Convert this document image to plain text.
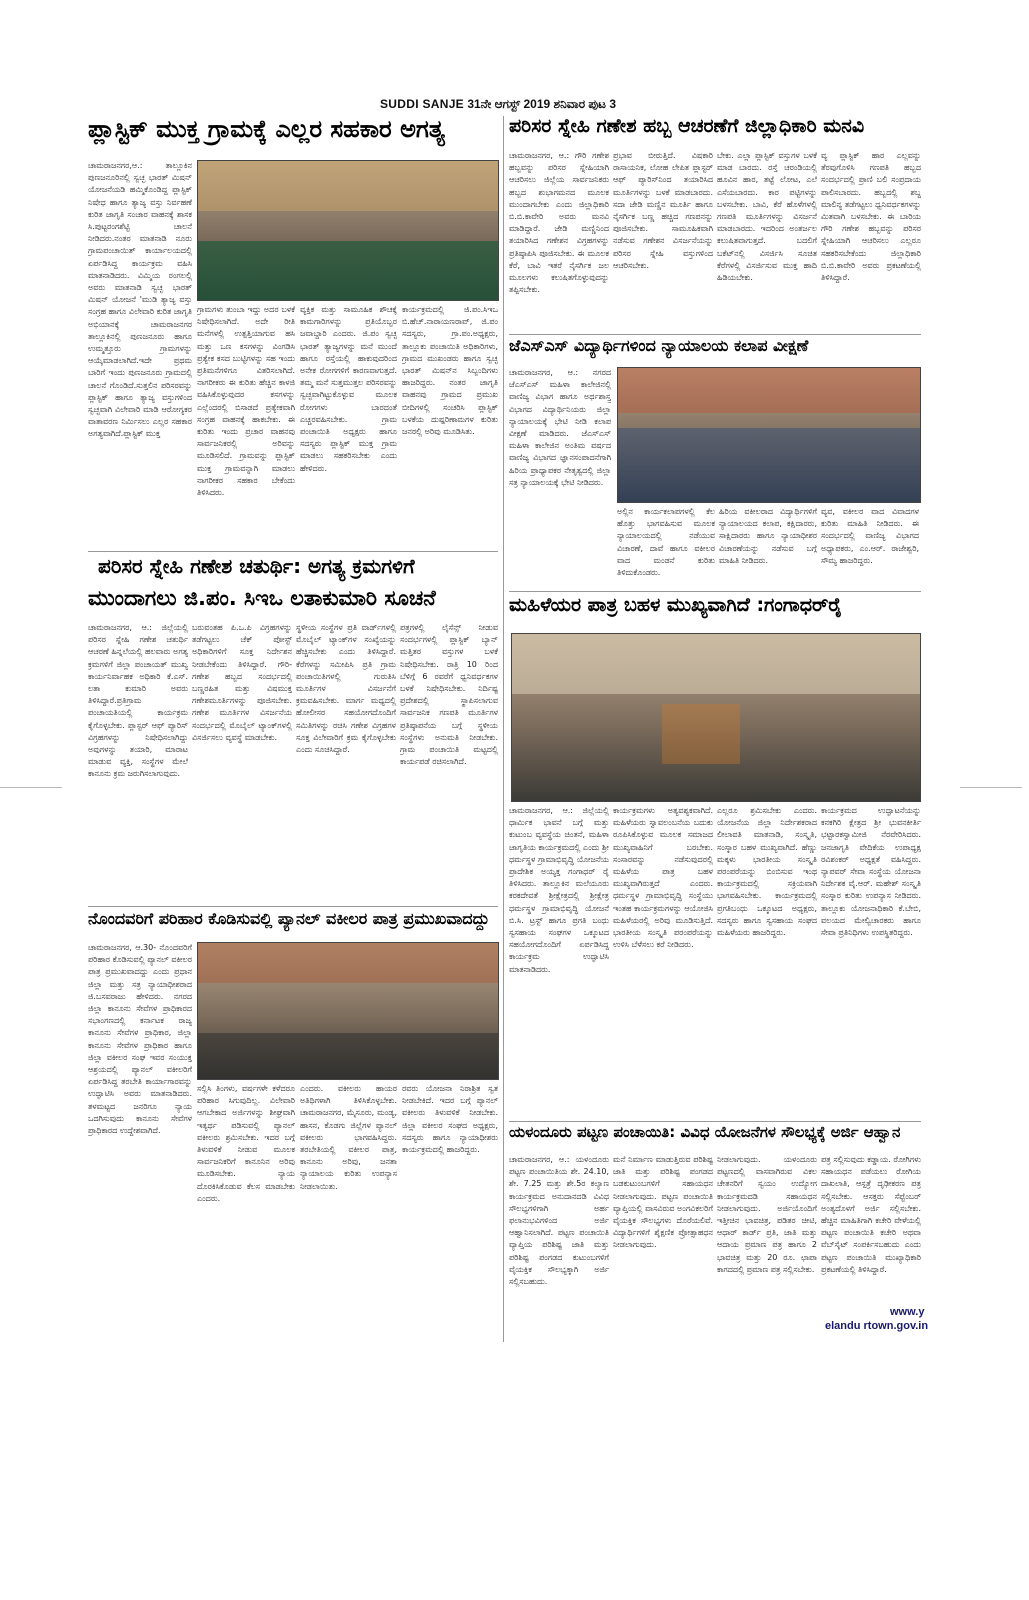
SUDDI SANJE 31ನೇ ಆಗಸ್ಟ್ 2019 ಶನಿವಾರ ಪುಟ 3
ಪ್ಲಾಸ್ಟಿಕ್ ಮುಕ್ತ ಗ್ರಾಮಕ್ಕೆ ಎಲ್ಲರ ಸಹಕಾರ ಅಗತ್ಯ
ಚಾಮರಾಜನಗರ,ಆ.: ತಾಲ್ಲೂಕಿನ ಪುಣಜನೂರಿನಲ್ಲಿ ಸ್ವಚ್ಛ ಭಾರತ್ ಮಿಷನ್‌ ಯೋಜನೆಯಡಿ ಹಮ್ಮಿಕೊಂಡಿದ್ದ ಪ್ಲಾಸ್ಟಿಕ್ ನಿಷೇಧ ಹಾಗೂ ತ್ಯಾಜ್ಯ ವಸ್ತು ನಿರ್ವಹಣೆ ಕುರಿತ ಜಾಗೃತಿ ಸಂಚಾರ ವಾಹನಕ್ಕೆ ಶಾಸಕ ಸಿ.ಪುಟ್ಟರಂಗಶೆಟ್ಟಿ ಚಾಲನೆ ನೀಡಿದರು.ನಂತರ ಮಾತನಾಡಿ ನೂರು ಗ್ರಾಮಪಂಚಾಯಿತ್ ಕಾರ್ಯಾಲಯದಲ್ಲಿ ಏರ್ಪಡಿಸಿದ್ದ ಕಾರ್ಯಕ್ರಮ ವಹಿಸಿ ಮಾತನಾಡಿದರು. ವಿಮ್ಮಿಯ ರಂಗಲಲ್ಲಿ ಅವರು ಮಾತನಾಡಿ ಸ್ವಚ್ಛ ಭಾರತ್ ಮಿಷನ್‌ ಯೋಜನೆ 'ಮುಡಿ ತ್ಯಾಜ್ಯ ವಸ್ತು ಸಂಗ್ರಹ ಹಾಗೂ ವಿಲೇವಾರಿ ಕುರಿತ ಜಾಗೃತಿ ಅಭಿಯಾನಕ್ಕೆ ಚಾಮರಾಜನಗರ ತಾಲ್ಲೂಕಿನಲ್ಲಿ ಪುಣಜನೂರು ಹಾಗೂ ಉಮ್ಮತ್ತೂರು ಗ್ರಾಮಗಳನ್ನು ಆಯ್ಕೆಮಾಡಲಾಗಿದೆ.ಇದೇ ಪ್ರಥಮ ಬಾರಿಗೆ ಇಂದು ಪುಣಜನೂರು ಗ್ರಾಮದಲ್ಲಿ ಚಾಲನೆ ಗೊಂಡಿದೆ.ಸುತ್ತಲಿನ ಪರಿಸರವನ್ನು ಪ್ಲಾಸ್ಟಿಕ್ ಹಾಗೂ ತ್ಯಾಜ್ಯ ವಸ್ತುಗಳಿಂದ ಸ್ವಚ್ಛವಾಗಿ ವಿಲೇವಾರಿ ಮಾಡಿ ಆರೋಗ್ಯಕರ ವಾತಾವರಣ ನಿರ್ಮಿಸಲು ಎಲ್ಲರ ಸಹಕಾರ ಅಗತ್ಯವಾಗಿದೆ.ಪ್ಲಾಸ್ಟಿಕ್ ಮುಕ್ತ
ಗ್ರಾಮಗಳು ತುಂಬಾ ಇದ್ದು ಅದರ ಬಳಕೆ ನಿಷೇಧಿಸಲಾಗಿದೆ. ಅದೇ ರೀತಿ ಮನೆಗಳಲ್ಲಿ ಉತ್ಪತ್ತಿಯಾಗುವ ಹಸಿ ಮತ್ತು ಒಣ ಕಸಗಳನ್ನು ವಿಂಗಡಿಸಿ ಪ್ರತ್ಯೇಕ ಕಸದ ಬುಟ್ಟಿಗಳನ್ನು ಸಹ ಇಂದು ಪ್ರತಿಮನೆಗಳಿಗೂ ವಿತರಿಸಲಾಗಿದೆ. ನಾಗರೀಕರು ಈ ಕುರಿತು ಹೆಚ್ಚಿನ ಕಾಳಜಿ ವಹಿಸಿಕೊಳ್ಳುವುದರ ಕಸಗಳನ್ನು ಎಲ್ಲೆಂದರಲ್ಲಿ ಬಿಸಾಡದೆ ಪ್ರತ್ಯೇಕವಾಗಿ ಸಂಗ್ರಹ ವಾಹನಕ್ಕೆ ಹಾಕಬೇಕು. ಈ ಕುರಿತು ಇಂದು ಪ್ರಚಾರ ವಾಹನವು ಸಾರ್ವಜನಿಕರಲ್ಲಿ ಅರಿವನ್ನು ಮೂಡಿಸಲಿದೆ. ಗ್ರಾಮವನ್ನು ಪ್ಲಾಸ್ಟಿಕ್ ಮುಕ್ತ ಗ್ರಾಮವನ್ನಾಗಿ ಮಾಡಲು ನಾಗರೀಕರ ಸಹಕಾರ ಬೇಕೆಂದು ತಿಳಿಸಿದರು.
ವ್ಯಕ್ತಿಕ ಮತ್ತು ಸಾಮೂಹಿಕ ಶೌಚಕ್ಕೆ ಕಾಮಗಾರಿಗಳನ್ನು ಪ್ರತಿಯೊಬ್ಬರ ಜವಾಬ್ದಾರಿ ಎಂದರು. ಜಿ.ಪಂ ಸ್ವಚ್ಛ ಭಾರತ್ ತ್ಯಾಜ್ಯಗಳನ್ನು ಮನೆ ಮುಂದೆ ಹಾಗೂ ರಸ್ತೆಯಲ್ಲಿ ಹಾಕುವುದರಿಂದ ಅನೇಕ ರೋಗಗಳಿಗೆ ಕಾರಣವಾಗುತ್ತದೆ. ತಮ್ಮ ಮನೆ ಸುತ್ತಮುತ್ತಲ ಪರಿಸರವನ್ನು ಸ್ವಚ್ಛವಾಗಿಟ್ಟುಕೊಳ್ಳುವ ಮೂಲಕ ರೋಗಗಳು ಬಾರದಂತೆ ಎಚ್ಚರವಹಿಸಬೇಕು. ಗ್ರಾಮ ಪಂಚಾಯಿತಿ ಅಧ್ಯಕ್ಷರು ಹಾಗೂ ಸದಸ್ಯರು ಪ್ಲಾಸ್ಟಿಕ್ ಮುಕ್ತ ಗ್ರಾಮ ಮಾಡಲು ಸಹಕರಿಸಬೇಕು ಎಂದು ಹೇಳಿದರು.
ಕಾರ್ಯಕ್ರಮದಲ್ಲಿ ಜಿ.ಪಂ.ಸಿಇಒ ಬಿ.ಹೆಚ್.ನಾರಾಯಣರಾವ್, ಜಿ.ಪಂ ಸದಸ್ಯರು, ಗ್ರಾ.ಪಂ.ಅಧ್ಯಕ್ಷರು, ತಾಲ್ಲೂಕು ಪಂಚಾಯಿತಿ ಅಧಿಕಾರಿಗಳು, ಗ್ರಾಮದ ಮುಖಂಡರು ಹಾಗೂ ಸ್ವಚ್ಛ ಭಾರತ್ ಮಿಷನ್‌ನ ಸಿಬ್ಬಂದಿಗಳು ಹಾಜರಿದ್ದರು. ನಂತರ ಜಾಗೃತಿ ವಾಹನವು ಗ್ರಾಮದ ಪ್ರಮುಖ ಬೀದಿಗಳಲ್ಲಿ ಸಂಚರಿಸಿ ಪ್ಲಾಸ್ಟಿಕ್ ಬಳಕೆಯ ದುಷ್ಪರಿಣಾಮಗಳ ಕುರಿತು ಜನರಲ್ಲಿ ಅರಿವು ಮೂಡಿಸಿತು.
ಪರಿಸರ ಸ್ನೇಹಿ ಗಣೇಶ ಚತುರ್ಥಿ: ಅಗತ್ಯ ಕ್ರಮಗಳಿಗೆ
ಮುಂದಾಗಲು ಜಿ.ಪಂ. ಸಿಇಒ ಲತಾಕುಮಾರಿ ಸೂಚನೆ
ಚಾಮರಾಜನಗರ, ಆ.: ಜಿಲ್ಲೆಯಲ್ಲಿ ಪರಿಸರ ಸ್ನೇಹಿ ಗಣೇಶ ಚತುರ್ಥಿ ಆಚರಣೆ ಹಿನ್ನಲೆಯಲ್ಲಿ ಹಲವಾರು ಅಗತ್ಯ ಕ್ರಮಗಳಿಗೆ ಜಿಲ್ಲಾ ಪಂಚಾಯತ್ ಮುಖ್ಯ ಕಾರ್ಯನಿರ್ವಾಹಕ ಅಧಿಕಾರಿ ಕೆ.ಎಸ್. ಲತಾ ಕುಮಾರಿ ಅವರು ತಿಳಿಸಿದ್ದಾರೆ.ಪ್ರತಿಗ್ರಾಮ ಪಂಚಾಯತಿಯಲ್ಲಿ ಕಾರ್ಯಕ್ರಮ ಕೈಗೊಳ್ಳಬೇಕು. ಪ್ಲಾಸ್ಟರ್ ಆಫ್ ಪ್ಯಾರಿಸ್ ವಿಗ್ರಹಗಳನ್ನು ನಿಷೇಧಿಸಲಾಗಿದ್ದು ಅವುಗಳನ್ನು ತಯಾರಿ, ಮಾರಾಟ ಮಾಡುವ ವ್ಯಕ್ತಿ, ಸಂಸ್ಥೆಗಳ ಮೇಲೆ ಕಾನೂನು ಕ್ರಮ ಜರುಗಿಸಲಾಗುವುದು.
ಬರುವಂತಹ ಪಿ.ಒ.ಪಿ ವಿಗ್ರಹಗಳನ್ನು ತಡೆಗಟ್ಟಲು ಚೆಕ್‌ ಪೋಸ್ಟ್ ಅಧಿಕಾರಿಗಳಿಗೆ ಸೂಕ್ತ ನಿರ್ದೇಶನ ನೀಡಬೇಕೆಂದು ತಿಳಿಸಿದ್ದಾರೆ. ಗೌರಿ-ಗಣೇಶ ಹಬ್ಬದ ಸಂದರ್ಭದಲ್ಲಿ ಬಣ್ಣರಹಿತ ಮತ್ತು ವಿಷಮುಕ್ತ ಗಣೇಶಮೂರ್ತಿಗಳನ್ನು ಪೂಜಿಸಬೇಕು. ಗಣೇಶ ಮೂರ್ತಿಗಳ ವಿಸರ್ಜನೆಯ ಸಂದರ್ಭದಲ್ಲಿ ಮೊಬೈಲ್ ಟ್ಯಾಂಕ್‌ಗಳಲ್ಲಿ ವಿಸರ್ಜಿಸಲು ವ್ಯವಸ್ಥೆ ಮಾಡಬೇಕು.
ಸ್ಥಳೀಯ ಸಂಸ್ಥೆಗಳ ಪ್ರತಿ ವಾರ್ಡ್‌ಗಳಲ್ಲಿ ಮೊಬೈಲ್ ಟ್ಯಾಂಕ್‌ಗಳ ಸಂಖ್ಯೆಯನ್ನು ಹೆಚ್ಚಿಸಬೇಕು ಎಂದು ತಿಳಿಸಿದ್ದಾರೆ. ಕೆರೆಗಳನ್ನು ಸಮೀಪಿಸಿ ಪ್ರತಿ ಗ್ರಾಮ ಪಂಚಾಯಿತಿಗಳಲ್ಲಿ ಗುರುತಿಸಿ ಮೂರ್ತಿಗಳ ವಿಸರ್ಜನೆಗೆ ಕ್ರಮವಹಿಸಬೇಕು. ಮಾರ್ಗ ಮಧ್ಯದಲ್ಲಿ ಹೋಲೀಸರ ಸಹಯೋಗದೊಂದಿಗೆ ಸಮಿತಿಗಳನ್ನು ರಚಿಸಿ ಗಣೇಶ ವಿಗ್ರಹಗಳ ಸೂಕ್ತ ವಿಲೇವಾರಿಗೆ ಕ್ರಮ ಕೈಗೊಳ್ಳಬೇಕು ಎಂದು ಸೂಚಿಸಿದ್ದಾರೆ.
ಪತ್ರಗಳಲ್ಲಿ ಲೈಸೆನ್ಸ್ ನೀಡುವ ಸಂದರ್ಭಗಳಲ್ಲಿ ಪ್ಲಾಸ್ಟಿಕ್ ಬ್ಯಾನ್ ಮತ್ತಿತರ ವಸ್ತುಗಳ ಬಳಕೆ ನಿಷೇಧಿಸಬೇಕು. ರಾತ್ರಿ 10 ರಿಂದ ಬೆಳಿಗ್ಗೆ 6 ರವರೆಗೆ ಧ್ವನಿವರ್ಧಕಗಳ ಬಳಕೆ ನಿಷೇಧಿಸಬೇಕು. ನಿರ್ದಿಷ್ಟ ಪ್ರದೇಶದಲ್ಲಿ ಸ್ಥಾಪಿಸಲಾಗುವ ಸಾರ್ವಜನಿಕ ಗಣಪತಿ ಮೂರ್ತಿಗಳ ಪ್ರತಿಷ್ಠಾಪನೆಯ ಬಗ್ಗೆ ಸ್ಥಳೀಯ ಸಂಸ್ಥೆಗಳು ಅನುಮತಿ ನೀಡಬೇಕು. ಗ್ರಾಮ ಪಂಚಾಯಿತಿ ಮಟ್ಟದಲ್ಲಿ ಕಾರ್ಯಪಡೆ ರಚಿಸಲಾಗಿದೆ.
ನೊಂದವರಿಗೆ ಪರಿಹಾರ ಕೊಡಿಸುವಲ್ಲಿ ಪ್ಯಾನಲ್ ವಕೀಲರ ಪಾತ್ರ ಪ್ರಮುಖವಾದದ್ದು
ಚಾಮರಾಜನಗರ, ಆ.30- ನೊಂದವರಿಗೆ ಪರಿಹಾರ ಕೊಡಿಸುವಲ್ಲಿ ಪ್ಯಾನಲ್ ವಕೀಲರ ಪಾತ್ರ ಪ್ರಮುಖವಾದದ್ದು ಎಂದು ಪ್ರಧಾನ ಜಿಲ್ಲಾ ಮತ್ತು ಸತ್ರ ನ್ಯಾಯಾಧೀಶರಾದ ಜಿ.ಬಸವರಾಜು ಹೇಳಿದರು. ನಗರದ ಜಿಲ್ಲಾ ಕಾನೂನು ಸೇವೆಗಳ ಪ್ರಾಧಿಕಾರದ ಸಭಾಂಗಣದಲ್ಲಿ ಕರ್ನಾಟಕ ರಾಜ್ಯ ಕಾನೂನು ಸೇವೆಗಳ ಪ್ರಾಧಿಕಾರ, ಜಿಲ್ಲಾ ಕಾನೂನು ಸೇವೆಗಳ ಪ್ರಾಧಿಕಾರ ಹಾಗೂ ಜಿಲ್ಲಾ ವಕೀಲರ ಸಂಘ ಇವರ ಸಂಯುಕ್ತ ಆಶ್ರಯದಲ್ಲಿ ಪ್ಯಾನಲ್ ವಕೀಲರಿಗೆ ಏರ್ಪಡಿಸಿದ್ದ ತರಬೇತಿ ಕಾರ್ಯಾಗಾರವನ್ನು ಉದ್ಘಾಟಿಸಿ ಅವರು ಮಾತನಾಡಿದರು. ತಳಮಟ್ಟದ ಜನರಿಗೂ ನ್ಯಾಯ ಒದಗಿಸುವುದು ಕಾನೂನು ಸೇವೆಗಳ ಪ್ರಾಧಿಕಾರದ ಉದ್ದೇಶವಾಗಿದೆ.
ಸಲ್ಲಿಸಿ ತಿಂಗಳು, ವರ್ಷಗಳೇ ಕಳೆದರೂ ಪರಿಹಾರ ಸಿಗುವುದಿಲ್ಲ. ವಿಲೇವಾರಿ ಆಗಬೇಕಾದ ಅರ್ಜಿಗಳನ್ನು ಶೀಘ್ರವಾಗಿ ಇತ್ಯರ್ಥ ಪಡಿಸುವಲ್ಲಿ ಪ್ಯಾನಲ್ ವಕೀಲರು ಶ್ರಮಿಸಬೇಕು. ಇದರ ಬಗ್ಗೆ ತಿಳುವಳಿಕೆ ನೀಡುವ ಮೂಲಕ ಸಾರ್ವಜನಿಕರಿಗೆ ಕಾನೂನಿನ ಅರಿವು ಮೂಡಿಸಬೇಕು. ನ್ಯಾಯ ದೊರಕಿಸಿಕೊಡುವ ಕೆಲಸ ಮಾಡಬೇಕು ಎಂದರು.
ಎಂದರು. ವಕೀಲರು ಹಾಯರ ಅತಿಥಿಗಳಾಗಿ ತಿಳಿಸಿಕೊಳ್ಳಬೇಕು. ಚಾಮರಾಜನಗರ, ಮೈಸೂರು, ಮಂಡ್ಯ, ಹಾಸನ, ಕೊಡಗು ಜಿಲ್ಲೆಗಳ ಪ್ಯಾನಲ್ ವಕೀಲರು ಭಾಗವಹಿಸಿದ್ದರು. ತರಬೇತಿಯಲ್ಲಿ ವಕೀಲರ ಪಾತ್ರ, ಕಾನೂನು ಅರಿವು, ಜನತಾ ನ್ಯಾಯಾಲಯ ಕುರಿತು ಉಪನ್ಯಾಸ ನೀಡಲಾಯಿತು.
ರವರು ಯೋಜನಾ ನಿರಾಶ್ರಿತ ಸ್ವತ ನೀಡಬೇಕಿದೆ. ಇದರ ಬಗ್ಗೆ ಪ್ಯಾನಲ್ ವಕೀಲರು ತಿಳುವಳಿಕೆ ನೀಡಬೇಕು. ಜಿಲ್ಲಾ ವಕೀಲರ ಸಂಘದ ಅಧ್ಯಕ್ಷರು, ಸದಸ್ಯರು ಹಾಗೂ ನ್ಯಾಯಾಧೀಶರು ಕಾರ್ಯಕ್ರಮದಲ್ಲಿ ಹಾಜರಿದ್ದರು.
ಪರಿಸರ ಸ್ನೇಹಿ ಗಣೇಶ ಹಬ್ಬ ಆಚರಣೆಗೆ ಜಿಲ್ಲಾಧಿಕಾರಿ ಮನವಿ
ಚಾಮರಾಜನಗರ, ಆ.: ಗೌರಿ ಗಣೇಶ ಹಬ್ಬವನ್ನು ಪರಿಸರ ಸ್ನೇಹಿಯಾಗಿ ಆಚರಿಸಲು ಜಿಲ್ಲೆಯ ಸಾರ್ವಜನಿಕರು ಹಬ್ಬದ ಶುಭಾಗಮನದ ಮೂಲಕ ಮುಂದಾಗಬೇಕು ಎಂದು ಜಿಲ್ಲಾಧಿಕಾರಿ ಬಿ.ಬಿ.ಕಾವೇರಿ ಅವರು ಮನವಿ ಮಾಡಿದ್ದಾರೆ. ಜೇಡಿ ಮಣ್ಣಿನಿಂದ ತಯಾರಿಸಿದ ಗಣೇಶನ ವಿಗ್ರಹಗಳನ್ನು ಪ್ರತಿಷ್ಠಾಪಿಸಿ ಪೂಜಿಸಬೇಕು. ಈ ಮೂಲಕ ಕೆರೆ, ಬಾವಿ ಇತರೆ ನೈಸರ್ಗಿಕ ಜಲ ಮೂಲಗಳು ಕಲುಷಿತಗೊಳ್ಳುವುದನ್ನು ತಪ್ಪಿಸಬೇಕು.
ಪ್ರಭಾವ ಬೀರುತ್ತಿದೆ. ವಿಷಕಾರಿ ರಾಸಾಯನಿಕ, ಲೋಹ ಲೇಪಿತ ಪ್ಲಾಸ್ಟರ್ ಆಫ್ ಪ್ಯಾರಿಸ್‌ನಿಂದ ತಯಾರಿಸಿದ ಮೂರ್ತಿಗಳನ್ನು ಬಳಕೆ ಮಾಡಬಾರದು. ಸದಾ ಜೇಡಿ ಮಣ್ಣಿನ ಮೂರ್ತಿ ಹಾಗೂ ನೈಸರ್ಗಿಕ ಬಣ್ಣ ಹಚ್ಚಿದ ಗಣಪನನ್ನು ಪೂಜಿಸಬೇಕು. ಸಾಮೂಹಿಕವಾಗಿ ನಡೆಸುವ ಗಣೇಶನ ವಿಸರ್ಜನೆಯನ್ನು ಪರಿಸರ ಸ್ನೇಹಿ ವಸ್ತುಗಳಿಂದ ಆಚರಿಸಬೇಕು.
ಬೇಕು. ಎಲ್ಲಾ ಪ್ಲಾಸ್ಟಿಕ್ ವಸ್ತುಗಳ ಬಳಕೆ ಮಾಡ ಬಾರದು. ರಸ್ತೆ ಚರಂಡಿಯಲ್ಲಿ ಹೂವಿನ ಹಾರ, ತಟ್ಟೆ ಲೋಟ, ಎಲೆ ಎಸೆಯಬಾರದು. ಕಾರ ಪಟ್ಟಿಗಳನ್ನು ಬಳಸಬೇಕು. ಬಾವಿ, ಕೆರೆ ಹೊಳೆಗಳಲ್ಲಿ ಗಣಪತಿ ಮೂರ್ತಿಗಳನ್ನು ವಿಸರ್ಜನೆ ಮಾಡಬಾರದು. ಇದರಿಂದ ಅಂತರ್ಜಲ ಕಲುಷಿತವಾಗುತ್ತದೆ. ಬದಲಿಗೆ ಬಕೆಟ್‌ನಲ್ಲಿ ವಿಸರ್ಜಿಸಿ ಸೂಚಿತ ಕೆರೆಗಳಲ್ಲಿ ವಿಸರ್ಜಿಸುವ ಮುಕ್ತ ಹಾದಿ ಹಿಡಿಯಬೇಕು.
ವ್ಯ ಪ್ಲಾಸ್ಟಿಕ್ ಹಾರ ಎಲ್ಲವನ್ನು ತೆರವುಗೊಳಿಸಿ ಗಣಪತಿ ಹಬ್ಬದ ಸಂದರ್ಭದಲ್ಲಿ ಪ್ರಾಣಿ ಬಲಿ ಸಂಪ್ರದಾಯ ಪಾಲಿಸಬಾರದು. ಹಬ್ಬದಲ್ಲಿ ಶಬ್ದ ಮಾಲಿನ್ಯ ತಡೆಗಟ್ಟಲು ಧ್ವನಿವರ್ಧಕಗಳನ್ನು ಮಿತವಾಗಿ ಬಳಸಬೇಕು. ಈ ಬಾರಿಯ ಗೌರಿ ಗಣೇಶ ಹಬ್ಬವನ್ನು ಪರಿಸರ ಸ್ನೇಹಿಯಾಗಿ ಆಚರಿಸಲು ಎಲ್ಲರೂ ಸಹಕರಿಸಬೇಕೆಂದು ಜಿಲ್ಲಾಧಿಕಾರಿ ಬಿ.ಬಿ.ಕಾವೇರಿ ಅವರು ಪ್ರಕಟಣೆಯಲ್ಲಿ ತಿಳಿಸಿದ್ದಾರೆ.
ಜೆಎಸ್‌ಎಸ್ ವಿದ್ಯಾರ್ಥಿಗಳಿಂದ ನ್ಯಾಯಾಲಯ ಕಲಾಪ ವೀಕ್ಷಣೆ
ಚಾಮರಾಜನಗರ, ಆ.: ನಗರದ ಜೆಎಸ್‌ಎಸ್ ಮಹಿಳಾ ಕಾಲೇಜಿನಲ್ಲಿ ವಾಣಿಜ್ಯ ವಿಭಾಗ ಹಾಗೂ ಅರ್ಥಶಾಸ್ತ್ರ ವಿಭಾಗದ ವಿದ್ಯಾರ್ಥಿನಿಯರು ಜಿಲ್ಲಾ ನ್ಯಾಯಾಲಯಕ್ಕೆ ಭೇಟಿ ನೀಡಿ ಕಲಾಪ ವೀಕ್ಷಣೆ ಮಾಡಿದರು. ಜೆಎಸ್‌ಎಸ್ ಮಹಿಳಾ ಕಾಲೇಜಿನ ಅಂತಿಮ ವರ್ಷದ ವಾಣಿಜ್ಯ ವಿಭಾಗದ ಜ್ಞಾನಸಂಪಾದನೆಗಾಗಿ ಹಿರಿಯ ಪ್ರಾಧ್ಯಾಪಕರ ನೇತೃತ್ವದಲ್ಲಿ ಜಿಲ್ಲಾ ಸತ್ರ ನ್ಯಾಯಾಲಯಕ್ಕೆ ಭೇಟಿ ನೀಡಿದರು.
ಅಲ್ಲಿನ ಕಾರ್ಯಕಲಾಪಗಳಲ್ಲಿ ಕೆಲ ಹೊತ್ತು ಭಾಗವಹಿಸುವ ಮೂಲಕ ನ್ಯಾಯಾಲಯದಲ್ಲಿ ನಡೆಯುವ ವಿಚಾರಣೆ, ದಾವೆ ಹಾಗೂ ವಕೀಲರ ವಾದ ಮಂಡನೆ ಕುರಿತು ತಿಳಿದುಕೊಂಡರು.
ಹಿರಿಯ ವಕೀಲರಾದ ವಿದ್ಯಾರ್ಥಿಗಳಿಗೆ ನ್ಯಾಯಾಲಯದ ಕಲಾಪ, ಕಕ್ಷಿದಾರರು, ಸಾಕ್ಷಿದಾರರು ಹಾಗೂ ನ್ಯಾಯಾಧೀಶರ ವಿಚಾರಣೆಯನ್ನು ನಡೆಸುವ ಬಗ್ಗೆ ಮಾಹಿತಿ ನೀಡಿದರು.
ವ್ಯವ, ವಕೀಲರ ವಾದ ವಿವಾದಗಳ ಕುರಿತು ಮಾಹಿತಿ ನೀಡಿದರು. ಈ ಸಂದರ್ಭದಲ್ಲಿ ವಾಣಿಜ್ಯ ವಿಭಾಗದ ಅಧ್ಯಾಪಕರು, ಎಂ.ಆರ್. ರಾಜೇಶ್ವರಿ, ಸೌಮ್ಯ ಹಾಜರಿದ್ದರು.
ಮಹಿಳೆಯರ ಪಾತ್ರ ಬಹಳ ಮುಖ್ಯವಾಗಿದೆ :ಗಂಗಾಧರ್‌ರೈ
ಚಾಮರಾಜನಗರ, ಆ.: ಜಿಲ್ಲೆಯಲ್ಲಿ ಧಾರ್ಮಿಕ ಭಾವನೆ ಬಗ್ಗೆ ಮತ್ತು ಕುಟುಂಬ ವ್ಯವಸ್ಥೆಯ ಚಿಂತನೆ, ಮಹಿಳಾ ಜಾಗೃತಿಯ ಕಾರ್ಯಕ್ರಮದಲ್ಲಿ ಎಂದು ಶ್ರೀ ಧರ್ಮಸ್ಥಳ ಗ್ರಾಮಾಭಿವೃದ್ಧಿ ಯೋಜನೆಯ ಪ್ರಾದೇಶಿಕ ಅಯ್ಯಕ್ತ ಗಂಗಾಧರ್ ರೈ ತಿಳಿಸಿದರು. ತಾಲ್ಲೂಕಿನ ಮಲೆಯೂರು ಕರಕದೇವತೆ ಶ್ರೀಕ್ಷೇತ್ರದಲ್ಲಿ ಶ್ರೀಕ್ಷೇತ್ರ ಧರ್ಮಸ್ಥಳ ಗ್ರಾಮಾಭಿವೃದ್ಧಿ ಯೋಜನೆ ಬಿ.ಸಿ. ಟ್ರಸ್ಟ್ ಹಾಗೂ ಪ್ರಗತಿ ಬಂಧು ಸ್ವಸಹಾಯ ಸಂಘಗಳ ಒಕ್ಕೂಟದ ಸಹಯೋಗದೊಂದಿಗೆ ಏರ್ಪಡಿಸಿದ್ದ ಕಾರ್ಯಕ್ರಮ ಉದ್ಘಾಟಿಸಿ ಮಾತನಾಡಿದರು.
ಕಾರ್ಯಕ್ರಮಗಳು ಅತ್ಯವಶ್ಯಕವಾಗಿದೆ. ಮಹಿಳೆಯರು ಸ್ವಾವಲಂಬನೆಯ ಬದುಕು ರೂಪಿಸಿಕೊಳ್ಳುವ ಮೂಲಕ ಸಮಾಜದ ಮುಖ್ಯವಾಹಿನಿಗೆ ಬರಬೇಕು. ಸಂಸಾರವನ್ನು ನಡೆಸುವುದರಲ್ಲಿ ಮಹಿಳೆಯ ಪಾತ್ರ ಬಹಳ ಮುಖ್ಯವಾಗಿರುತ್ತದೆ ಎಂದರು. ಧರ್ಮಸ್ಥಳ ಗ್ರಾಮಾಭಿವೃದ್ಧಿ ಸಂಸ್ಥೆಯು ಇಂತಹ ಕಾರ್ಯಕ್ರಮಗಳನ್ನು ಆಯೋಜಿಸಿ ಮಹಿಳೆಯರಲ್ಲಿ ಅರಿವು ಮೂಡಿಸುತ್ತಿದೆ. ಭಾರತೀಯ ಸಂಸ್ಕೃತಿ ಪರಂಪರೆಯನ್ನು ಉಳಿಸಿ ಬೆಳೆಸಲು ಕರೆ ನೀಡಿದರು.
ಎಲ್ಲರೂ ಶ್ರಮಿಸಬೇಕು ಎಂದರು. ಯೋಜನೆಯ ಜಿಲ್ಲಾ ನಿರ್ದೇಶಕರಾದ ಲೀಲಾವತಿ ಮಾತನಾಡಿ, ಸಂಸ್ಕೃತಿ, ಸಂಸ್ಕಾರ ಬಹಳ ಮುಖ್ಯವಾಗಿದೆ. ಹೆಣ್ಣು ಮಕ್ಕಳು ಭಾರತೀಯ ಸಂಸ್ಕೃತಿ ಪರಂಪರೆಯನ್ನು ಬಿಂಬಿಸುವ ಇಂಥ ಕಾರ್ಯಕ್ರಮದಲ್ಲಿ ಸಕ್ರಿಯವಾಗಿ ಭಾಗವಹಿಸಬೇಕು. ಕಾರ್ಯಕ್ರಮದಲ್ಲಿ ಪ್ರಗತಿಬಂಧು ಒಕ್ಕೂಟದ ಅಧ್ಯಕ್ಷರು, ಸದಸ್ಯರು ಹಾಗೂ ಸ್ವಸಹಾಯ ಸಂಘದ ಮಹಿಳೆಯರು ಹಾಜರಿದ್ದರು.
ಕಾರ್ಯಕ್ರಮದ ಉದ್ಘಾಟನೆಯನ್ನು ಕನಕಗಿರಿ ಕ್ಷೇತ್ರದ ಶ್ರೀ ಭುವನಕೀರ್ತಿ ಭಟ್ಟಾರಕಸ್ವಾಮೀಜಿ ನೆರವೇರಿಸಿದರು. ಜನಜಾಗೃತಿ ವೇದಿಕೆಯ ಉಪಾಧ್ಯಕ್ಷ ರವಿಶಂಕರ್ ಅಧ್ಯಕ್ಷತೆ ವಹಿಸಿದ್ದರು. ನ್ಯಾಪವರ್ ಸೇವಾ ಸಂಸ್ಥೆಯ ಯೋಜನಾ ನಿರ್ದೇಶಕ ವೈ.ಆರ್. ಮಹೇಶ್ ಸಂಸ್ಕೃತಿ ಸಂಸ್ಕಾರ ಕುರಿತು ಉಪನ್ಯಾಸ ನೀಡಿದರು. ತಾಲ್ಲೂಕು ಯೋಜನಾಧಿಕಾರಿ ಕೆ.ಬೇಬಿ, ವಲಯದ ಮೇಲ್ವಿಚಾರಕರು ಹಾಗೂ ಸೇವಾ ಪ್ರತಿನಿಧಿಗಳು ಉಪಸ್ಥಿತರಿದ್ದರು.
ಯಳಂದೂರು ಪಟ್ಟಣ ಪಂಚಾಯಿತಿ: ವಿವಿಧ ಯೋಜನೆಗಳ ಸೌಲಭ್ಯಕ್ಕೆ ಅರ್ಜಿ ಆಹ್ವಾನ
ಚಾಮರಾಜನಗರ, ಆ.: ಯಳಂದೂರು ಪಟ್ಟಣ ಪಂಚಾಯಿತಿಯ ಶೇ. 24.10, ಶೇ. 7.25 ಮತ್ತು ಶೇ.5ರ ಕಲ್ಯಾಣ ಕಾರ್ಯಕ್ರಮದ ಅನುದಾನದಡಿ ವಿವಿಧ ಸೌಲಭ್ಯಗಳಿಗಾಗಿ ಅರ್ಹ ಫಲಾನುಭವಿಗಳಿಂದ ಅರ್ಜಿ ಆಹ್ವಾನಿಸಲಾಗಿದೆ. ಪಟ್ಟಣ ಪಂಚಾಯಿತಿ ವ್ಯಾಪ್ತಿಯ ಪರಿಶಿಷ್ಟ ಜಾತಿ ಮತ್ತು ಪರಿಶಿಷ್ಟ ಪಂಗಡದ ಕುಟುಂಬಗಳಿಗೆ ವೈಯಕ್ತಿಕ ಸೌಲಭ್ಯಕ್ಕಾಗಿ ಅರ್ಜಿ ಸಲ್ಲಿಸಬಹುದು.
ಮನೆ ನಿರ್ಮಾಣ ಮಾಡುತ್ತಿರುವ ಪರಿಶಿಷ್ಟ ಜಾತಿ ಮತ್ತು ಪರಿಶಿಷ್ಟ ಪಂಗಡದ ಬಡಕುಟುಂಬಗಳಿಗೆ ಸಹಾಯಧನ ನೀಡಲಾಗುವುದು. ಪಟ್ಟಣ ಪಂಚಾಯಿತಿ ವ್ಯಾಪ್ತಿಯಲ್ಲಿ ವಾಸವಿರುವ ಅಂಗವಿಕಲರಿಗೆ ವೈಯಕ್ತಿಕ ಸೌಲಭ್ಯಗಳು ದೊರೆಯಲಿವೆ. ವಿದ್ಯಾರ್ಥಿಗಳಿಗೆ ಶೈಕ್ಷಣಿಕ ಪ್ರೋತ್ಸಾಹಧನ ನೀಡಲಾಗುವುದು.
ನೀಡಲಾಗುವುದು. ಯಳಂದೂರು ಪಟ್ಟಣದಲ್ಲಿ ವಾಸವಾಗಿರುವ ವಿಕಲ ಚೇತನರಿಗೆ ಸ್ವಯಂ ಉದ್ಯೋಗ ಕಾರ್ಯಕ್ರಮದಡಿ ಸಹಾಯಧನ ನೀಡಲಾಗುವುದು. ಅರ್ಜಿಯೊಂದಿಗೆ ಇತ್ತೀಚಿನ ಭಾವಚಿತ್ರ, ಪಡಿತರ ಚೀಟಿ, ಆಧಾರ್ ಕಾರ್ಡ್ ಪ್ರತಿ, ಜಾತಿ ಮತ್ತು ಆದಾಯ ಪ್ರಮಾಣ ಪತ್ರ ಹಾಗೂ 2 ಭಾವಚಿತ್ರ ಮತ್ತು 20 ರೂ. ಛಾಪಾ ಕಾಗದದಲ್ಲಿ ಪ್ರಮಾಣ ಪತ್ರ ಸಲ್ಲಿಸಬೇಕು.
ಪತ್ರ ಸಲ್ಲಿಸುವುದು ಕಡ್ಡಾಯ. ರೋಗಿಗಳು ಸಹಾಯಧನ ಪಡೆಯಲು ರೋಗಿಯ ದಾಖಲಾತಿ, ಆಸ್ಪತ್ರೆ ದೃಢೀಕರಣ ಪತ್ರ ಸಲ್ಲಿಸಬೇಕು. ಆಸಕ್ತರು ಸೆಪ್ಟೆಂಬರ್ ಅಂತ್ಯದೊಳಗೆ ಅರ್ಜಿ ಸಲ್ಲಿಸಬೇಕು. ಹೆಚ್ಚಿನ ಮಾಹಿತಿಗಾಗಿ ಕಚೇರಿ ವೇಳೆಯಲ್ಲಿ ಪಟ್ಟಣ ಪಂಚಾಯಿತಿ ಕಚೇರಿ ಅಥವಾ ವೆಬ್‌ಸೈಟ್ ಸಂಪರ್ಕಿಸಬಹುದು ಎಂದು ಪಟ್ಟಣ ಪಂಚಾಯಿತಿ ಮುಖ್ಯಾಧಿಕಾರಿ ಪ್ರಕಟಣೆಯಲ್ಲಿ ತಿಳಿಸಿದ್ದಾರೆ.
www.y
elandu rtown.gov.in
